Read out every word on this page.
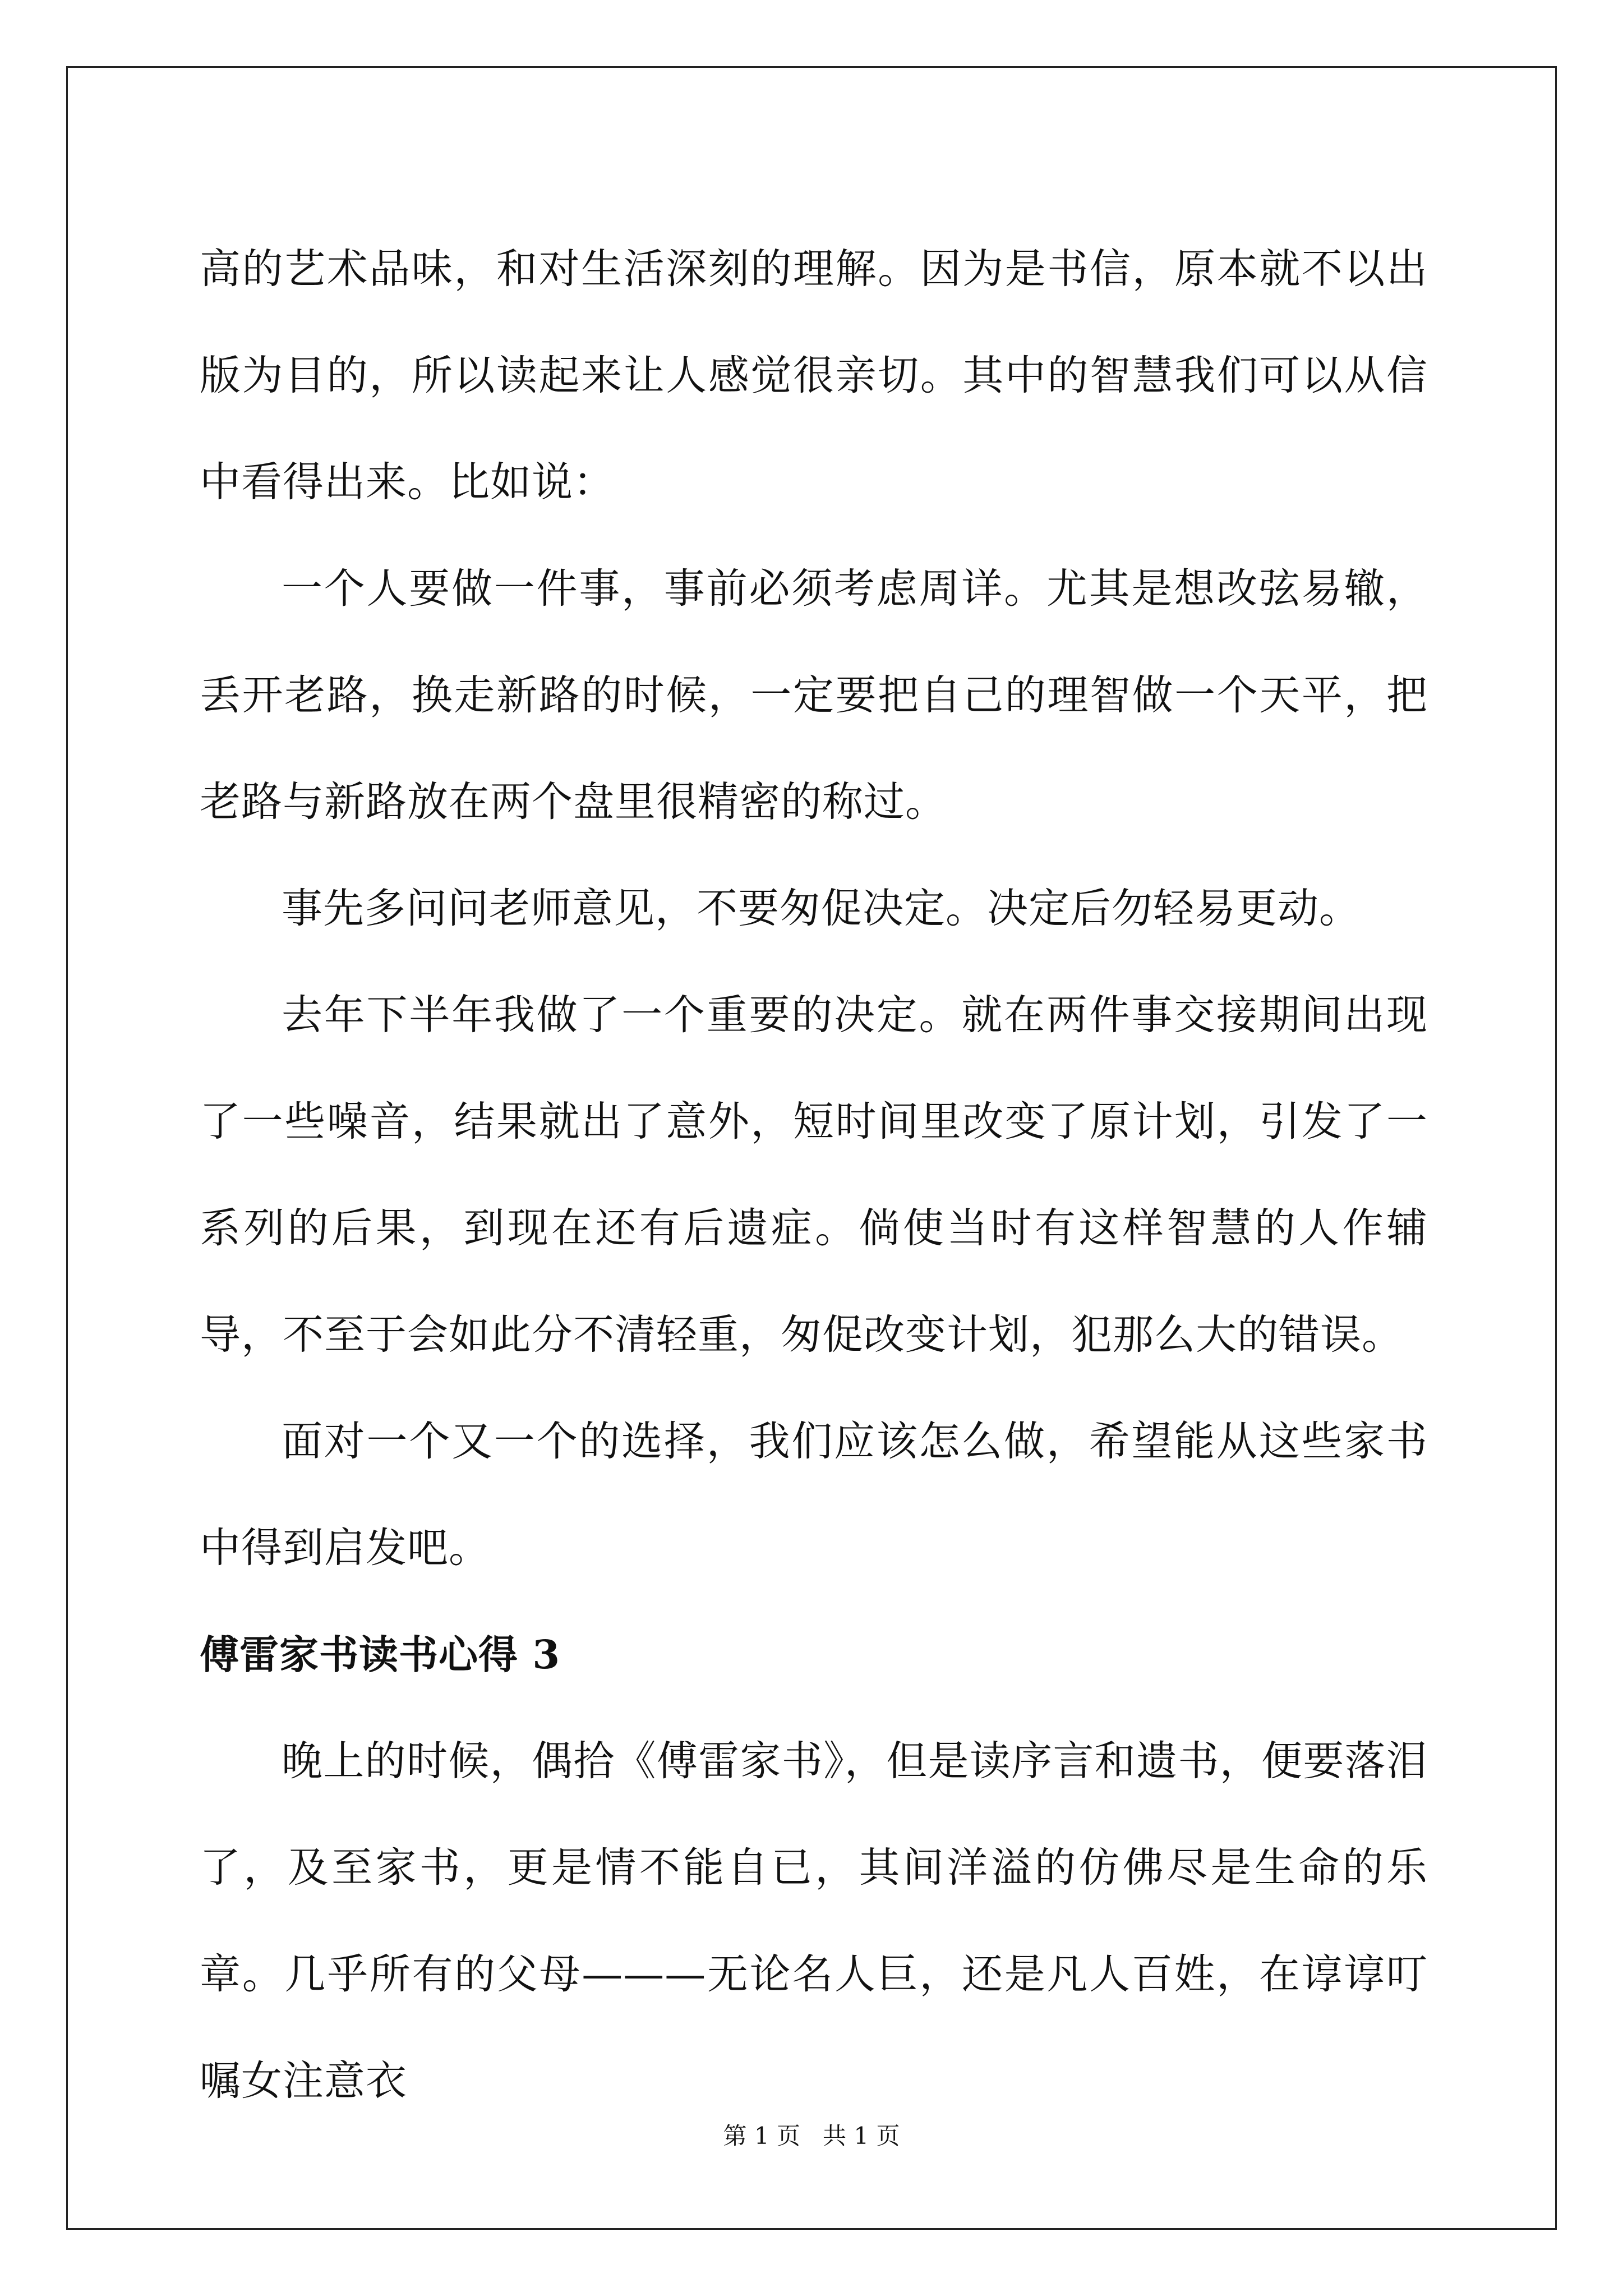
高的艺术品味，和对生活深刻的理解。因为是书信，原本就不以出版为目的，所以读起来让人感觉很亲切。其中的智慧我们可以从信中看得出来。比如说：

一个人要做一件事，事前必须考虑周详。尤其是想改弦易辙，丢开老路，换走新路的时候，一定要把自己的理智做一个天平，把老路与新路放在两个盘里很精密的称过。

事先多问问老师意见，不要匆促决定。决定后勿轻易更动。

去年下半年我做了一个重要的决定。就在两件事交接期间出现了一些噪音，结果就出了意外，短时间里改变了原计划，引发了一系列的后果，到现在还有后遗症。倘使当时有这样智慧的人作辅导，不至于会如此分不清轻重，匆促改变计划，犯那么大的错误。

面对一个又一个的选择，我们应该怎么做，希望能从这些家书中得到启发吧。

傅雷家书读书心得 3

晚上的时候，偶拾《傅雷家书》，但是读序言和遗书，便要落泪了，及至家书，更是情不能自已，其间洋溢的仿佛尽是生命的乐章。几乎所有的父母———无论名人巨，还是凡人百姓，在谆谆叮嘱女注意衣

第 1 页 共 1 页
